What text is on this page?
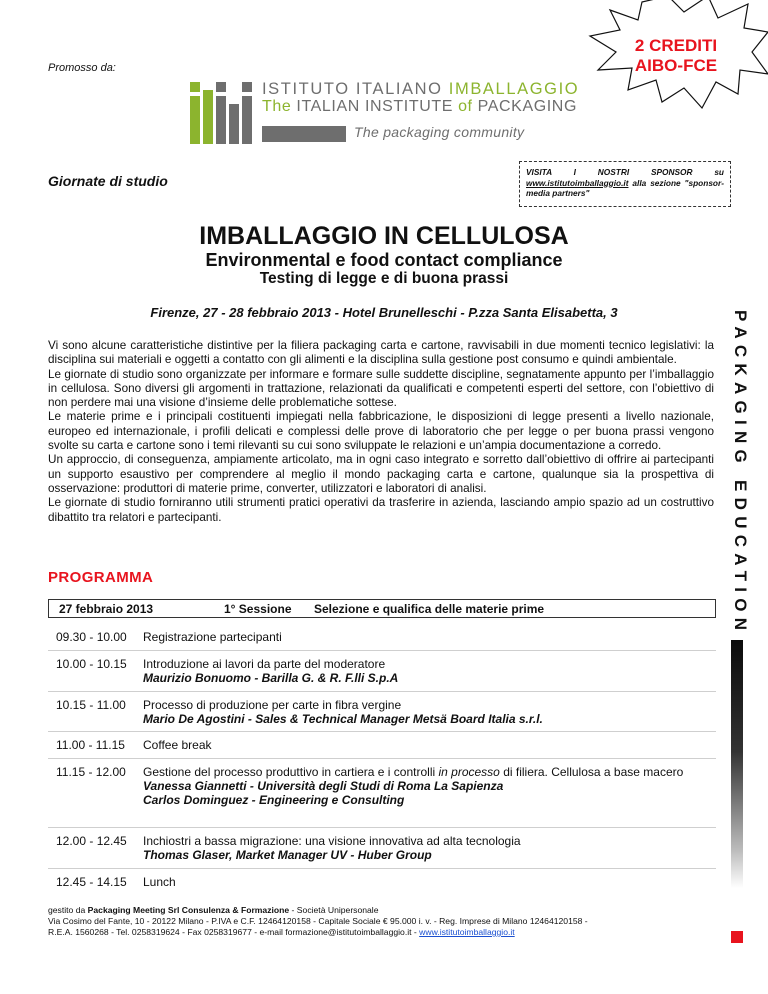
Promosso da:
ISTITUTO ITALIANO IMBALLAGGIO
The ITALIAN INSTITUTE of PACKAGING
The packaging community
2 CREDITI
AIBO-FCE
Giornate di studio
VISITA I NOSTRI SPONSOR su
www.istitutoimballaggio.it alla sezione "sponsor-media partners"
IMBALLAGGIO IN CELLULOSA
Environmental e food contact compliance
Testing di legge e di buona prassi
Firenze, 27 - 28 febbraio 2013 - Hotel Brunelleschi - P.zza Santa Elisabetta, 3	PACKAGING EDUCATION

Vi sono alcune caratteristiche distintive per la filiera packaging carta e cartone, ravvisabili in due momenti tecnico legislativi: la disciplina sui materiali e oggetti a contatto con gli alimenti e la disciplina sulla gestione post consumo e quindi ambientale.

Le giornate di studio sono organizzate per informare e formare sulle suddette discipline, segnatamente appunto per l’imballaggio in cellulosa. Sono diversi gli argomenti in trattazione, relazionati da qualificati e competenti esperti del settore, con l’obiettivo di non perdere mai una visione d’insieme delle problematiche sottese.

Le materie prime e i principali costituenti impiegati nella fabbricazione, le disposizioni di legge presenti a livello nazionale, europeo ed internazionale, i profili delicati e complessi delle prove di laboratorio che per legge o per buona prassi vengono svolte su carta e cartone sono i temi rilevanti su cui sono sviluppate le relazioni e un’ampia documentazione a corredo.

Un approccio, di conseguenza, ampiamente articolato, ma in ogni caso integrato e sorretto dall’obiettivo di offrire ai partecipanti un supporto esaustivo per comprendere al meglio il mondo packaging carta e cartone, qualunque sia la prospettiva di osservazione: produttori di materie prime, converter, utilizzatori e laboratori di analisi.

Le giornate di studio forniranno utili strumenti pratici operativi da trasferire in azienda, lasciando ampio spazio ad un costruttivo dibattito tra relatori e partecipanti.

PROGRAMMA
27 febbraio 2013	1° Sessione Selezione e qualifica delle materie prime
09.30 - 10.00 Registrazione partecipanti
10.00 - 10.15 Introduzione ai lavori da parte del moderatore
Maurizio Bonuomo - Barilla G. & R. F.lli S.p.A
10.15 - 11.00 Processo di produzione per carte in fibra vergine
Mario De Agostini - Sales & Technical Manager Metsä Board Italia s.r.l.
11.00 - 11.15 Coffee break
11.15 - 12.00 Gestione del processo produttivo in cartiera e i controlli in processo di filiera. Cellulosa a base macero
Vanessa Giannetti - Università degli Studi di Roma La Sapienza
Carlos Dominguez - Engineering e Consulting
12.00 - 12.45 Inchiostri a bassa migrazione: una visione innovativa ad alta tecnologia
Thomas Glaser, Market Manager UV - Huber Group
12.45 - 14.15 Lunch
gestito da Packaging Meeting Srl Consulenza & Formazione - Società Unipersonale
Via Cosimo del Fante, 10 - 20122 Milano - P.IVA e C.F. 12464120158 - Capitale Sociale € 95.000 i. v. - Reg. Imprese di Milano 12464120158 -
R.E.A. 1560268 - Tel. 0258319624 - Fax 0258319677 - e-mail formazione@istitutoimballaggio.it - www.istitutoimballaggio.it
